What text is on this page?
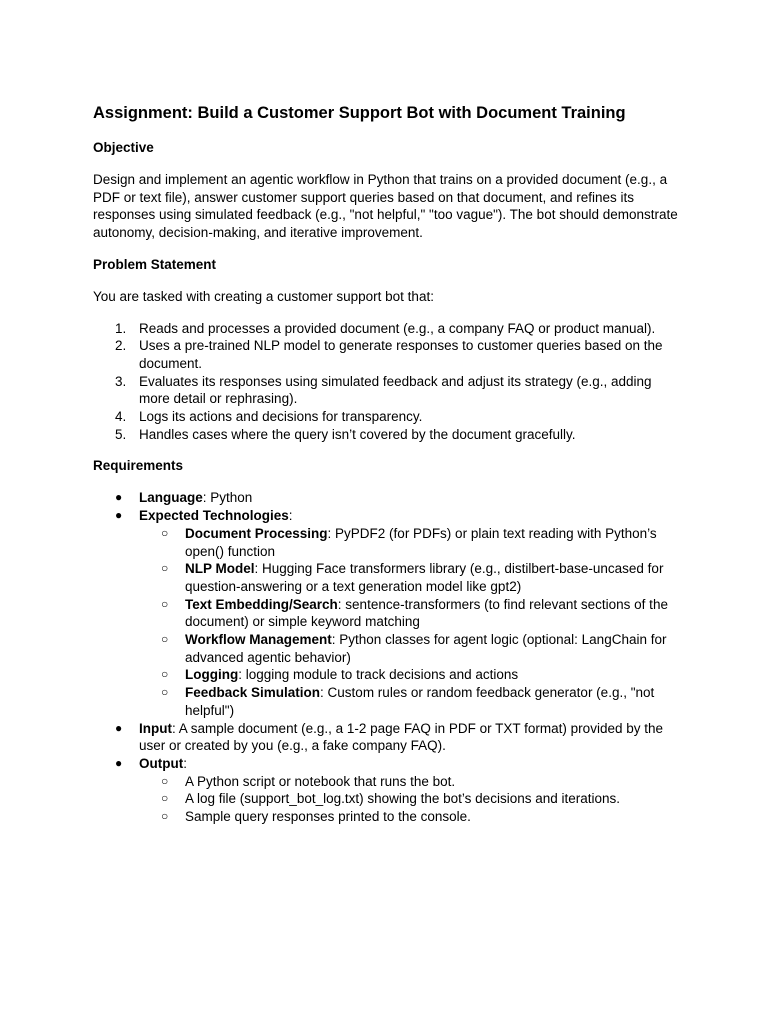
Assignment: Build a Customer Support Bot with Document Training
Objective

Design and implement an agentic workflow in Python that trains on a provided document (e.g., a PDF or text file), answer customer support queries based on that document, and refines its responses using simulated feedback (e.g., "not helpful," "too vague"). The bot should demonstrate autonomy, decision-making, and iterative improvement.

Problem Statement

You are tasked with creating a customer support bot that:

1. Reads and processes a provided document (e.g., a company FAQ or product manual).
2. Uses a pre-trained NLP model to generate responses to customer queries based on the document.
3. Evaluates its responses using simulated feedback and adjust its strategy (e.g., adding more detail or rephrasing).
4. Logs its actions and decisions for transparency.
5. Handles cases where the query isn’t covered by the document gracefully.
Requirements
● Language: Python
● Expected Technologies:
○ Document Processing: PyPDF2 (for PDFs) or plain text reading with Python’s open() function
○ NLP Model: Hugging Face transformers library (e.g., distilbert-base-uncased for question-answering or a text generation model like gpt2)
○ Text Embedding/Search: sentence-transformers (to find relevant sections of the document) or simple keyword matching
○ Workflow Management: Python classes for agent logic (optional: LangChain for advanced agentic behavior)
○ Logging: logging module to track decisions and actions
○ Feedback Simulation: Custom rules or random feedback generator (e.g., "not helpful")
● Input: A sample document (e.g., a 1-2 page FAQ in PDF or TXT format) provided by the user or created by you (e.g., a fake company FAQ).
● Output:
○ A Python script or notebook that runs the bot.
○ A log file (support_bot_log.txt) showing the bot’s decisions and iterations.
○ Sample query responses printed to the console.
